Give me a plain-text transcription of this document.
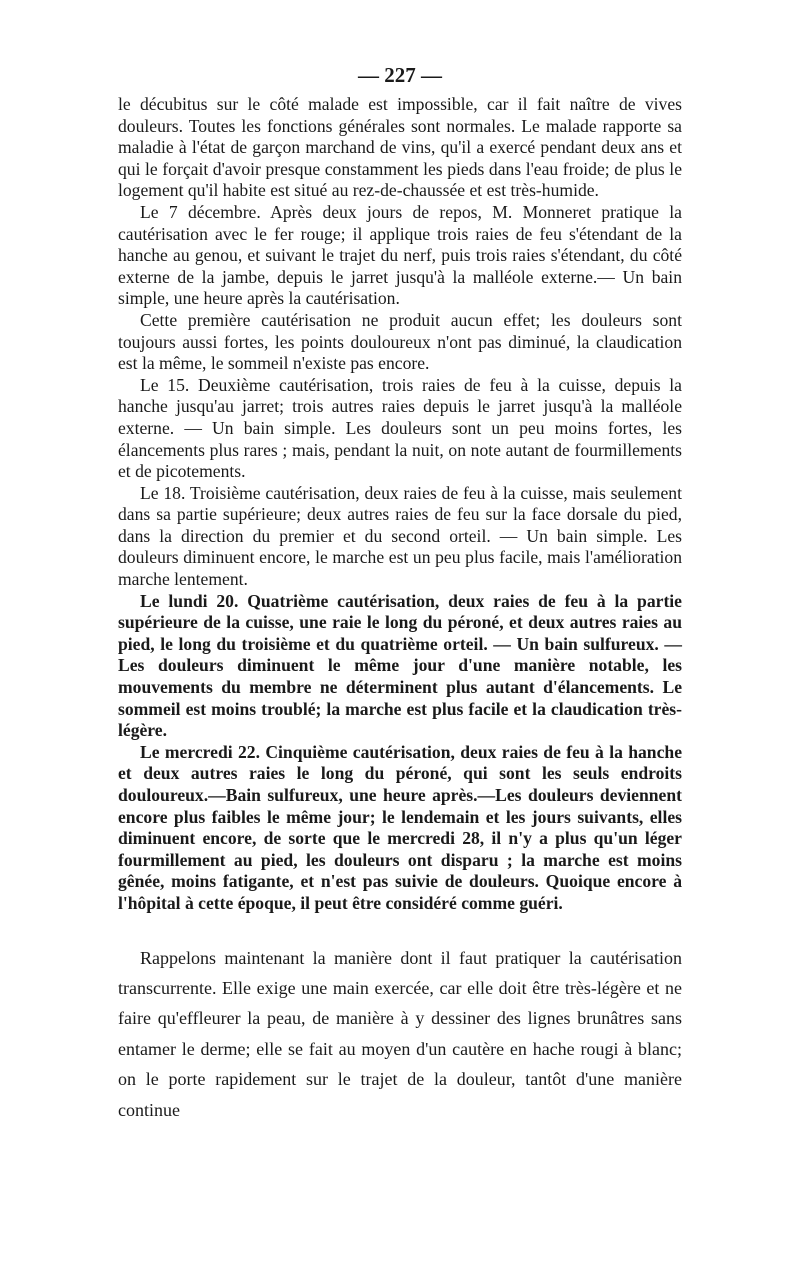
— 227 —

le décubitus sur le côté malade est impossible, car il fait naître de vives douleurs. Toutes les fonctions générales sont normales. Le malade rapporte sa maladie à l'état de garçon marchand de vins, qu'il a exercé pendant deux ans et qui le forçait d'avoir presque constamment les pieds dans l'eau froide; de plus le logement qu'il habite est situé au rez-de-chaussée et est très-humide.

Le 7 décembre. Après deux jours de repos, M. Monneret pratique la cautérisation avec le fer rouge; il applique trois raies de feu s'étendant de la hanche au genou, et suivant le trajet du nerf, puis trois raies s'étendant, du côté externe de la jambe, depuis le jarret jusqu'à la malléole externe.— Un bain simple, une heure après la cautérisation.

Cette première cautérisation ne produit aucun effet; les douleurs sont toujours aussi fortes, les points douloureux n'ont pas diminué, la claudication est la même, le sommeil n'existe pas encore.

Le 15. Deuxième cautérisation, trois raies de feu à la cuisse, depuis la hanche jusqu'au jarret; trois autres raies depuis le jarret jusqu'à la malléole externe. — Un bain simple. Les douleurs sont un peu moins fortes, les élancements plus rares ; mais, pendant la nuit, on note autant de fourmillements et de picotements.

Le 18. Troisième cautérisation, deux raies de feu à la cuisse, mais seulement dans sa partie supérieure; deux autres raies de feu sur la face dorsale du pied, dans la direction du premier et du second orteil. — Un bain simple. Les douleurs diminuent encore, le marche est un peu plus facile, mais l'amélioration marche lentement.

Le lundi 20. Quatrième cautérisation, deux raies de feu à la partie supérieure de la cuisse, une raie le long du péroné, et deux autres raies au pied, le long du troisième et du quatrième orteil. — Un bain sulfureux. — Les douleurs diminuent le même jour d'une manière notable, les mouvements du membre ne déterminent plus autant d'élancements. Le sommeil est moins troublé; la marche est plus facile et la claudication très-légère.

Le mercredi 22. Cinquième cautérisation, deux raies de feu à la hanche et deux autres raies le long du péroné, qui sont les seuls endroits douloureux.—Bain sulfureux, une heure après.—Les douleurs deviennent encore plus faibles le même jour; le lendemain et les jours suivants, elles diminuent encore, de sorte que le mercredi 28, il n'y a plus qu'un léger fourmillement au pied, les douleurs ont disparu ; la marche est moins gênée, moins fatigante, et n'est pas suivie de douleurs. Quoique encore à l'hôpital à cette époque, il peut être considéré comme guéri.

Rappelons maintenant la manière dont il faut pratiquer la cautérisation transcurrente. Elle exige une main exercée, car elle doit être très-légère et ne faire qu'effleurer la peau, de manière à y dessiner des lignes brunâtres sans entamer le derme; elle se fait au moyen d'un cautère en hache rougi à blanc; on le porte rapidement sur le trajet de la douleur, tantôt d'une manière continue
